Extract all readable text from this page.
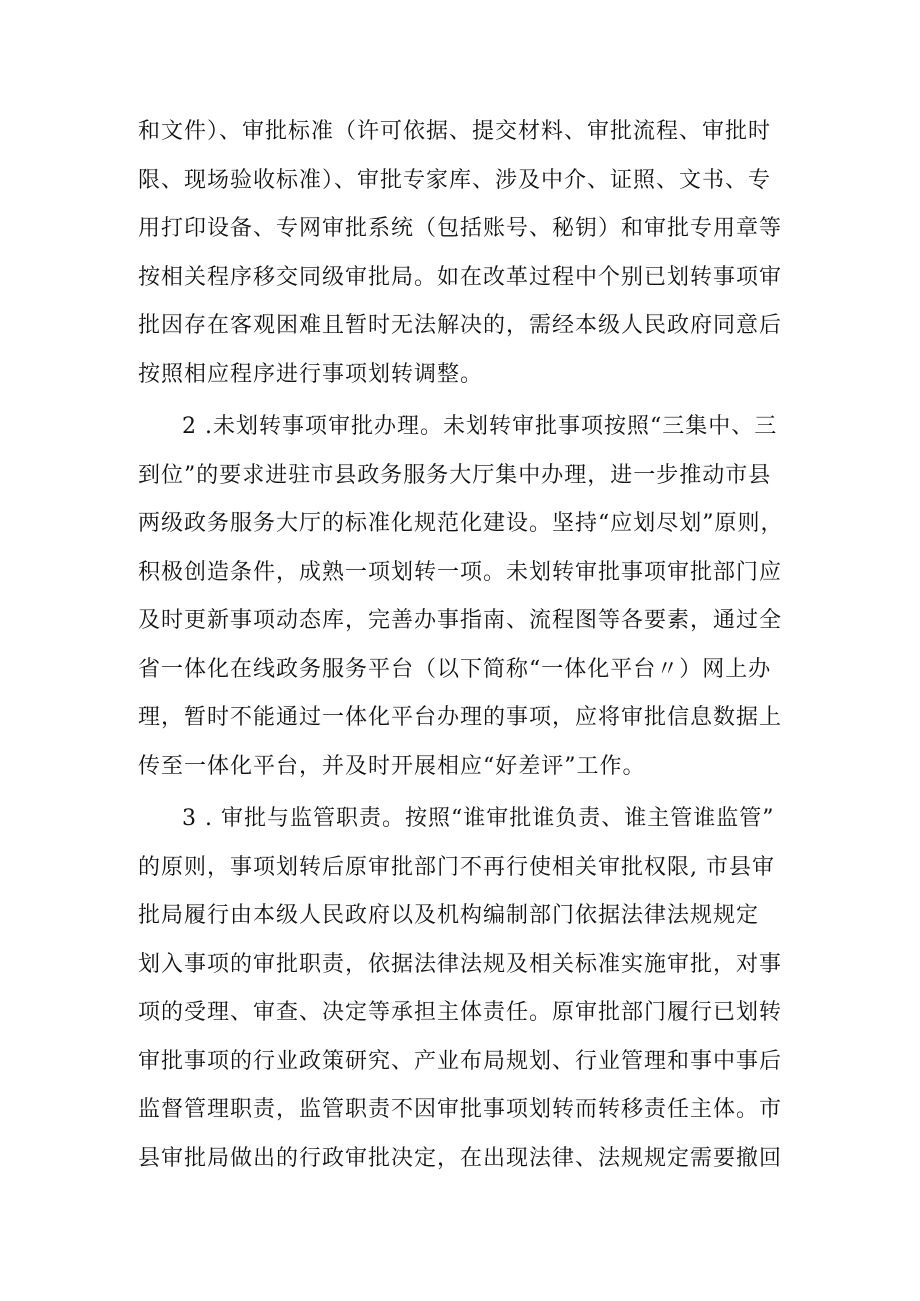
和文件）、审批标准（许可依据、提交材料、审批流程、审批时
限、现场验收标准）、审批专家库、涉及中介、证照、文书、专
用打印设备、专网审批系统（包括账号、秘钥）和审批专用章等
按相关程序移交同级审批局。如在改革过程中个别已划转事项审
批因存在客观困难且暂时无法解决的，需经本级人民政府同意后
按照相应程序进行事项划转调整。
2 .未划转事项审批办理。未划转审批事项按照“三集中、三
到位”的要求进驻市县政务服务大厅集中办理，进一步推动市县
两级政务服务大厅的标准化规范化建设。坚持“应划尽划”原则，
积极创造条件，成熟一项划转一项。未划转审批事项审批部门应
及时更新事项动态库，完善办事指南、流程图等各要素，通过全
省一体化在线政务服务平台（以下简称“一体化平台〃）网上办
理，暂时不能通过一体化平台办理的事项，应将审批信息数据上
传至一体化平台，并及时开展相应“好差评”工作。
3 . 审批与监管职责。按照“谁审批谁负责、谁主管谁监管”
的原则，事项划转后原审批部门不再行使相关审批权限, 市县审
批局履行由本级人民政府以及机构编制部门依据法律法规规定
划入事项的审批职责，依据法律法规及相关标准实施审批，对事
项的受理、审查、决定等承担主体责任。原审批部门履行已划转
审批事项的行业政策研究、产业布局规划、行业管理和事中事后
监督管理职责，监管职责不因审批事项划转而转移责任主体。市
县审批局做出的行政审批决定，在出现法律、法规规定需要撤回
